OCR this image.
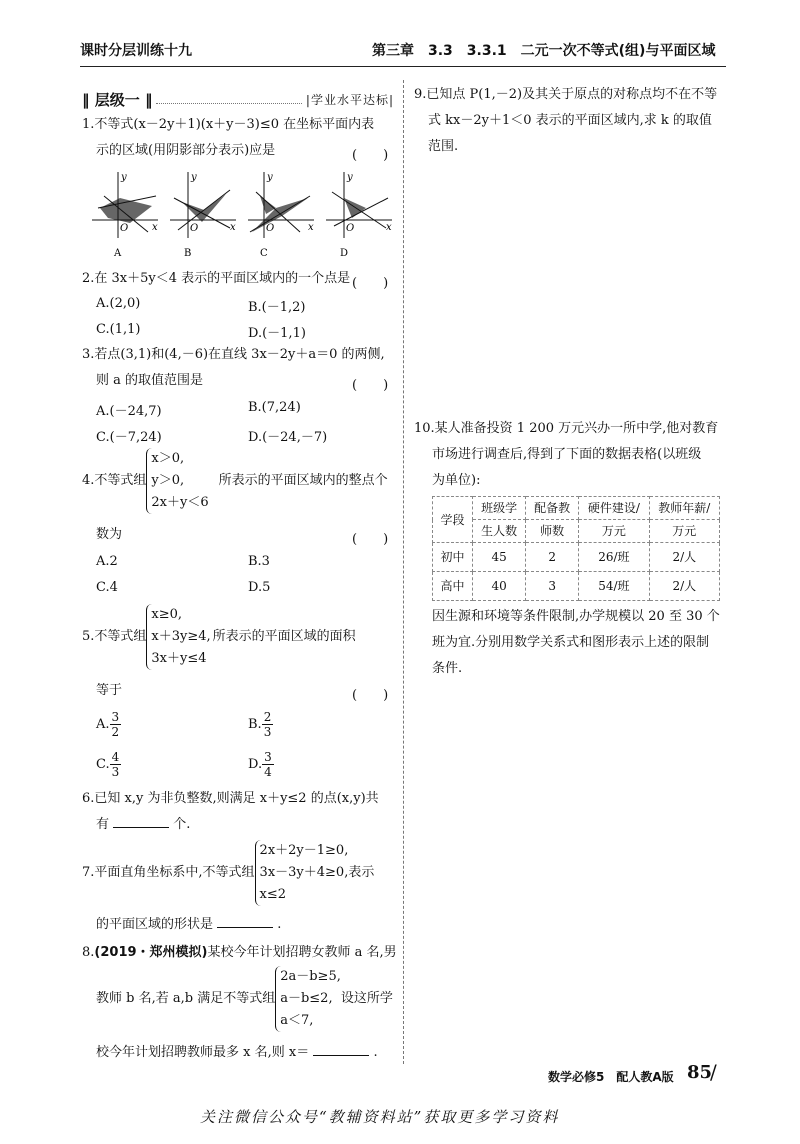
课时分层训练十九	第三章　3.3　3.3.1　二元一次不等式(组)与平面区域
‖ 层级一 ‖	|学业水平达标|
1.不等式(x－2y＋1)(x＋y－3)≤0 在坐标平面内表
示的区域(用阴影部分表示)应是	(　　)
y
x
O
A
y
x
O
B
y
x
O
C
y
x
O
D
2.在 3x＋5y＜4 表示的平面区域内的一个点是 (　　)
A.(2,0)	B.(－1,2)
C.(1,1)	D.(－1,1)
3.若点(3,1)和(4,－6)在直线 3x－2y＋a＝0 的两侧,
则 a 的取值范围是	(　　)
A.(－24,7)	B.(7,24)
C.(－7,24)	D.(－24,－7)
4.不等式组
x＞0,
y＞0,
2x＋y＜6
所表示的平面区域内的整点个
数为	(　　)
A.2	B.3
C.4	D.5
5.不等式组
x≥0,
x＋3y≥4,
3x＋y≤4
所表示的平面区域的面积
等于	(　　)
A. $\frac{3}{2}$	B. $\frac{2}{3}$
C. $\frac{4}{3}$	D. $\frac{3}{4}$
6.已知 x,y 为非负整数,则满足 x＋y≤2 的点(x,y)共
有	个.
7.平面直角坐标系中,不等式组
2x＋2y－1≥0,
3x－3y＋4≥0,
x≤2
表示
的平面区域的形状是	.
8.(2019・郑州模拟)某校今年计划招聘女教师 a 名,男
教师 b 名,若 a,b 满足不等式组
2a－b≥5,
a－b≤2,
a＜7,
设这所学
校今年计划招聘教师最多 x 名,则 x＝	.
9.已知点 P(1,－2)及其关于原点的对称点均不在不等
式 kx－2y＋1＜0 表示的平面区域内,求 k 的取值
范围.
10.某人准备投资 1 200 万元兴办一所中学,他对教育
市场进行调查后,得到了下面的数据表格(以班级
为单位):
学段	班级学	配备教	硬件建设/	教师年薪/
	生人数	师数	万元	万元
初中	45	2	26/班	2/人
高中	40	3	54/班	2/人
因生源和环境等条件限制,办学规模以 20 至 30 个
班为宜.分别用数学关系式和图形表示上述的限制
条件.
数学必修5　配人教A版 85
/
关注微信公众号“教辅资料站”获取更多学习资料
